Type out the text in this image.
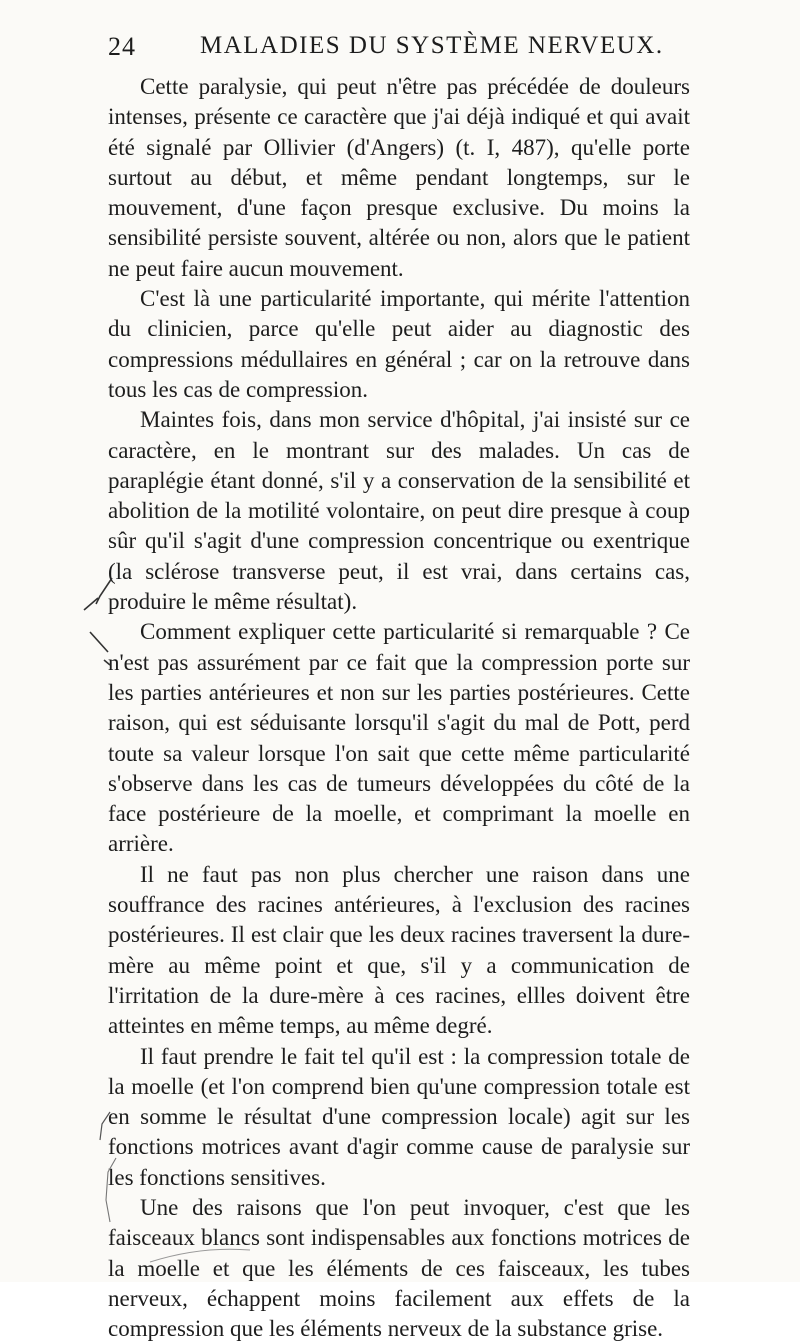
24	MALADIES DU SYSTÈME NERVEUX.

Cette paralysie, qui peut n'être pas précédée de douleurs intenses, présente ce caractère que j'ai déjà indiqué et qui avait été signalé par Ollivier (d'Angers) (t. I, 487), qu'elle porte surtout au début, et même pendant longtemps, sur le mouvement, d'une façon presque exclusive. Du moins la sensibilité persiste souvent, altérée ou non, alors que le patient ne peut faire aucun mouvement.

C'est là une particularité importante, qui mérite l'attention du clinicien, parce qu'elle peut aider au diagnostic des compressions médullaires en général ; car on la retrouve dans tous les cas de compression.

Maintes fois, dans mon service d'hôpital, j'ai insisté sur ce caractère, en le montrant sur des malades. Un cas de paraplégie étant donné, s'il y a conservation de la sensibilité et abolition de la motilité volontaire, on peut dire presque à coup sûr qu'il s'agit d'une compression concentrique ou exentrique (la sclérose transverse peut, il est vrai, dans certains cas, produire le même résultat).

Comment expliquer cette particularité si remarquable ? Ce n'est pas assurément par ce fait que la compression porte sur les parties antérieures et non sur les parties postérieures. Cette raison, qui est séduisante lorsqu'il s'agit du mal de Pott, perd toute sa valeur lorsque l'on sait que cette même particularité s'observe dans les cas de tumeurs développées du côté de la face postérieure de la moelle, et comprimant la moelle en arrière.

Il ne faut pas non plus chercher une raison dans une souffrance des racines antérieures, à l'exclusion des racines postérieures. Il est clair que les deux racines traversent la dure-mère au même point et que, s'il y a communication de l'irritation de la dure-mère à ces racines, ellles doivent être atteintes en même temps, au même degré.

Il faut prendre le fait tel qu'il est : la compression totale de la moelle (et l'on comprend bien qu'une compression totale est en somme le résultat d'une compression locale) agit sur les fonctions motrices avant d'agir comme cause de paralysie sur les fonctions sensitives.

Une des raisons que l'on peut invoquer, c'est que les faisceaux blancs sont indispensables aux fonctions motrices de la moelle et que les éléments de ces faisceaux, les tubes nerveux, échappent moins facilement aux effets de la compression que les éléments nerveux de la substance grise.
